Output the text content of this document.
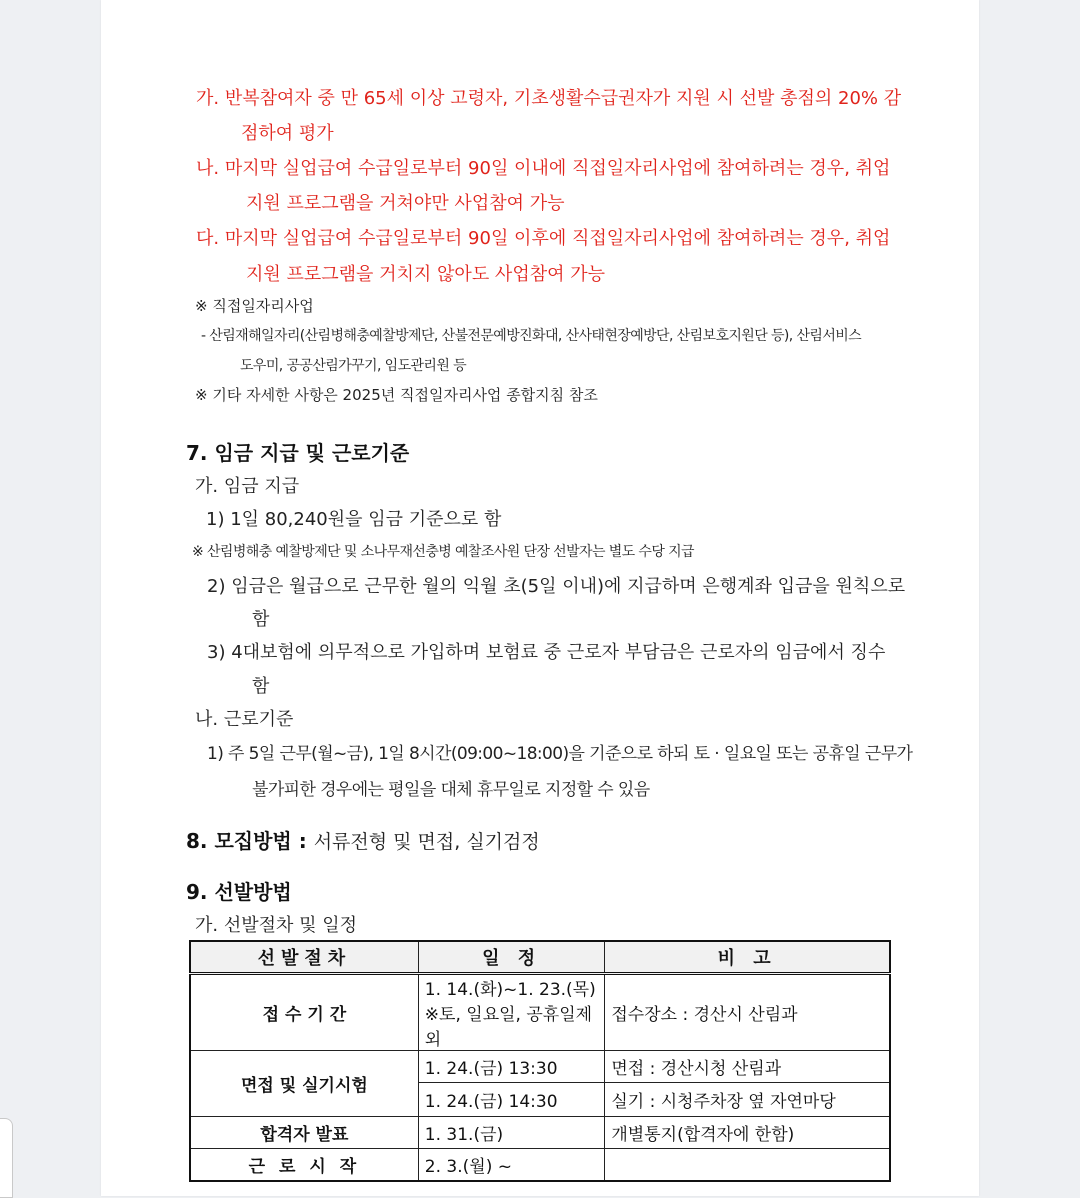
가. 반복참여자 중 만 65세 이상 고령자, 기초생활수급권자가 지원 시 선발 총점의 20% 감
점하여 평가
나. 마지막 실업급여 수급일로부터 90일 이내에 직접일자리사업에 참여하려는 경우, 취업
지원 프로그램을 거쳐야만 사업참여 가능
다. 마지막 실업급여 수급일로부터 90일 이후에 직접일자리사업에 참여하려는 경우, 취업
지원 프로그램을 거치지 않아도 사업참여 가능
※ 직접일자리사업
- 산림재해일자리(산림병해충예찰방제단, 산불전문예방진화대, 산사태현장예방단, 산림보호지원단 등), 산림서비스
도우미, 공공산림가꾸기, 임도관리원 등
※ 기타 자세한 사항은 2025년 직접일자리사업 종합지침 참조
7. 임금 지급 및 근로기준
가. 임금 지급
1) 1일 80,240원을 임금 기준으로 함
※ 산림병해충 예찰방제단 및 소나무재선충병 예찰조사원 단장 선발자는 별도 수당 지급
2) 임금은 월급으로 근무한 월의 익월 초(5일 이내)에 지급하며 은행계좌 입금을 원칙으로
함
3) 4대보험에 의무적으로 가입하며 보험료 중 근로자 부담금은 근로자의 임금에서 징수
함
나. 근로기준
1) 주 5일 근무(월~금), 1일 8시간(09:00~18:00)을 기준으로 하되 토 · 일요일 또는 공휴일 근무가
불가피한 경우에는 평일을 대체 휴무일로 지정할 수 있음
8. 모집방법 : 서류전형 및 면접, 실기검정
9. 선발방법
가. 선발절차 및 일정
선발절차	일 정	비 고
접 수 기 간	1. 14.(화)~1. 23.(목) ※토, 일요일, 공휴일제외	접수장소 : 경산시 산림과
면접 및 실기시험	1. 24.(금) 13:30	면접 : 경산시청 산림과
	1. 24.(금) 14:30	실기 : 시청주차장 옆 자연마당
합격자 발표	1. 31.(금)	개별통지(합격자에 한함)
근 로 시 작	2. 3.(월) ~	
